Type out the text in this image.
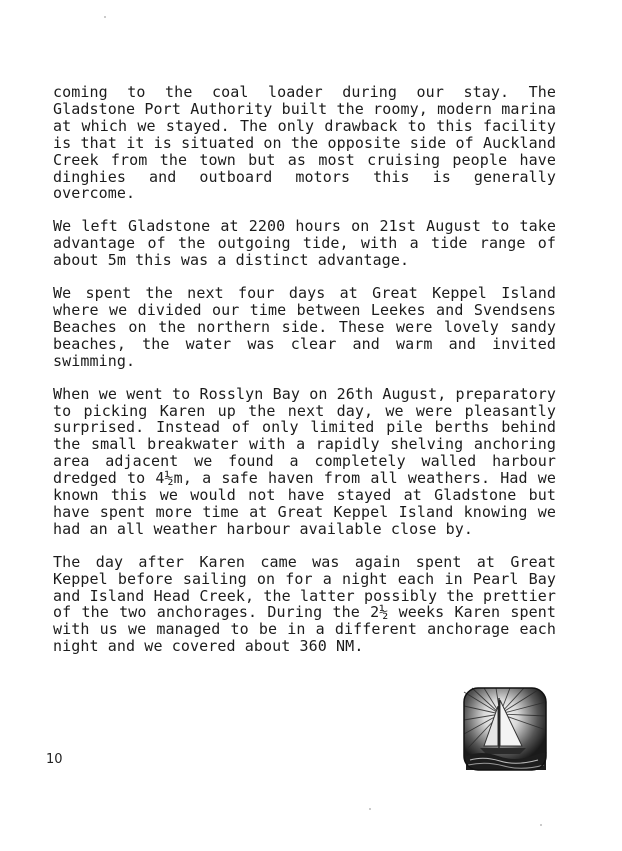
coming to the coal loader during our stay. The Gladstone Port Authority built the roomy, modern marina at which we stayed. The only drawback to this facility is that it is situated on the opposite side of Auckland Creek from the town but as most cruising people have dinghies and outboard motors this is generally overcome.

We left Gladstone at 2200 hours on 21st August to take advantage of the outgoing tide, with a tide range of about 5m this was a distinct advantage.

We spent the next four days at Great Keppel Island where we divided our time between Leekes and Svendsens Beaches on the northern side. These were lovely sandy beaches, the water was clear and warm and invited swimming.

When we went to Rosslyn Bay on 26th August, preparatory to picking Karen up the next day, we were pleasantly surprised. Instead of only limited pile berths behind the small breakwater with a rapidly shelving anchoring area adjacent we found a completely walled harbour dredged to 4½m, a safe haven from all weathers. Had we known this we would not have stayed at Gladstone but have spent more time at Great Keppel Island knowing we had an all weather harbour available close by.

The day after Karen came was again spent at Great Keppel before sailing on for a night each in Pearl Bay and Island Head Creek, the latter possibly the prettier of the two anchorages. During the 2½ weeks Karen spent with us we managed to be in a different anchorage each night and we covered about 360 NM.

10
